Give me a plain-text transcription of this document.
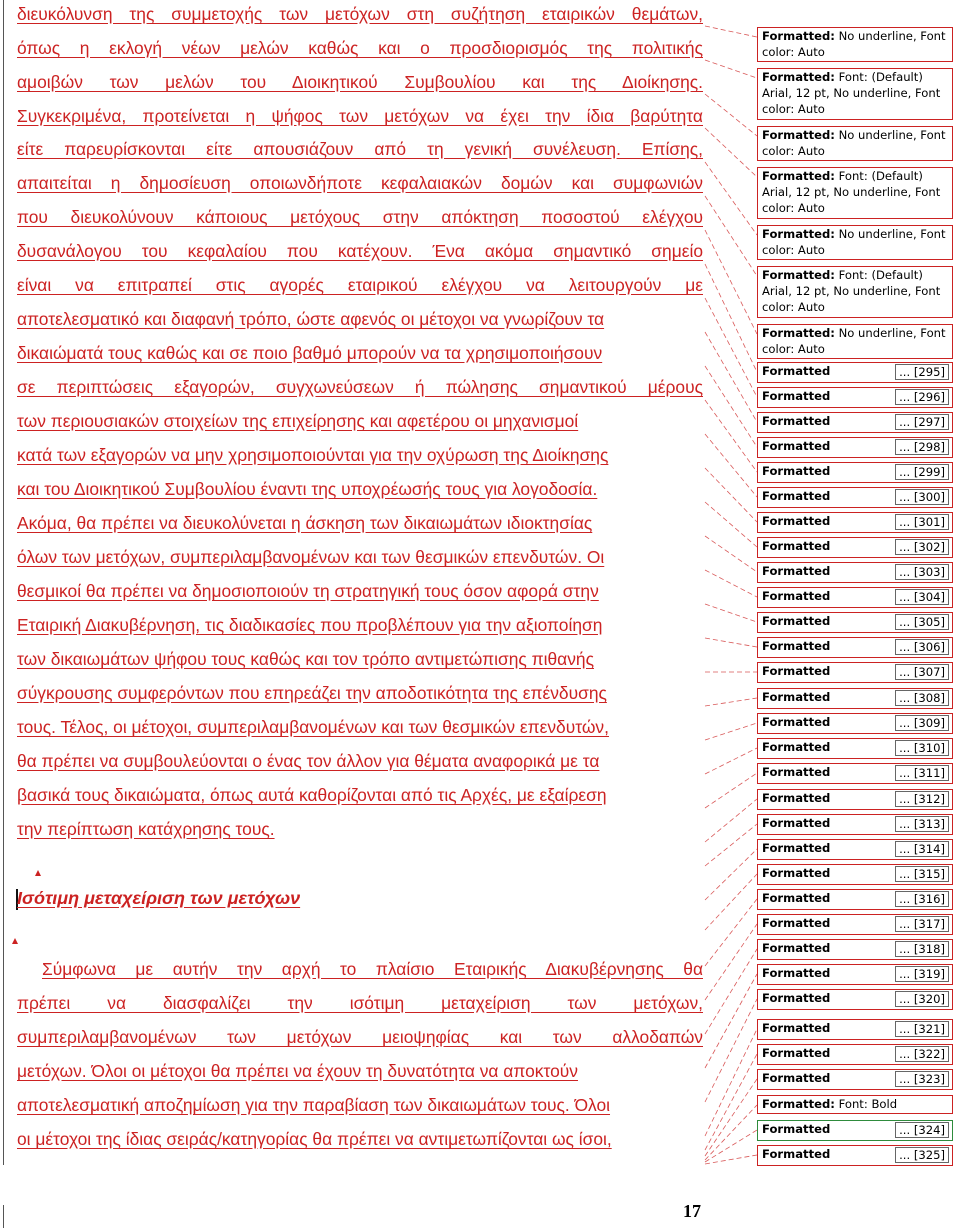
διευκόλυνση της συμμετοχής των μετόχων στη συζήτηση εταιρικών θεμάτων,
όπως η εκλογή νέων μελών καθώς και ο προσδιορισμός της πολιτικής
αμοιβών των μελών του Διοικητικού Συμβουλίου και της Διοίκησης.
Συγκεκριμένα, προτείνεται η ψήφος των μετόχων να έχει την ίδια βαρύτητα
είτε παρευρίσκονται είτε απουσιάζουν από τη γενική συνέλευση. Επίσης,
απαιτείται η δημοσίευση οποιωνδήποτε κεφαλαιακών δομών και συμφωνιών
που διευκολύνουν κάποιους μετόχους στην απόκτηση ποσοστού ελέγχου
δυσανάλογου του κεφαλαίου που κατέχουν. Ένα ακόμα σημαντικό σημείο
είναι να επιτραπεί στις αγορές εταιρικού ελέγχου να λειτουργούν με
αποτελεσματικό και διαφανή τρόπο, ώστε αφενός οι μέτοχοι να γνωρίζουν τα
δικαιώματά τους καθώς και σε ποιο βαθμό μπορούν να τα χρησιμοποιήσουν
σε περιπτώσεις εξαγορών, συγχωνεύσεων ή πώλησης σημαντικού μέρους
των περιουσιακών στοιχείων της επιχείρησης και αφετέρου οι μηχανισμοί
κατά των εξαγορών να μην χρησιμοποιούνται για την οχύρωση της Διοίκησης
και του Διοικητικού Συμβουλίου έναντι της υποχρέωσής τους για λογοδοσία.
Ακόμα, θα πρέπει να διευκολύνεται η άσκηση των δικαιωμάτων ιδιοκτησίας
όλων των μετόχων, συμπεριλαμβανομένων και των θεσμικών επενδυτών. Οι
θεσμικοί θα πρέπει να δημοσιοποιούν τη στρατηγική τους όσον αφορά στην
Εταιρική Διακυβέρνηση, τις διαδικασίες που προβλέπουν για την αξιοποίηση
των δικαιωμάτων ψήφου τους καθώς και τον τρόπο αντιμετώπισης πιθανής
σύγκρουσης συμφερόντων που επηρεάζει την αποδοτικότητα της επένδυσης
τους. Τέλος, οι μέτοχοι, συμπεριλαμβανομένων και των θεσμικών επενδυτών,
θα πρέπει να συμβουλεύονται ο ένας τον άλλον για θέματα αναφορικά με τα
βασικά τους δικαιώματα, όπως αυτά καθορίζονται από τις Αρχές, με εξαίρεση
την περίπτωση κατάχρησης τους.
Σύμφωνα με αυτήν την αρχή το πλαίσιο Εταιρικής Διακυβέρνησης θα
πρέπει να διασφαλίζει την ισότιμη μεταχείριση των μετόχων,
συμπεριλαμβανομένων των μετόχων μειοψηφίας και των αλλοδαπών
μετόχων. Όλοι οι μέτοχοι θα πρέπει να έχουν τη δυνατότητα να αποκτούν
αποτελεσματική αποζημίωση για την παραβίαση των δικαιωμάτων τους. Όλοι
οι μέτοχοι της ίδιας σειράς/κατηγορίας θα πρέπει να αντιμετωπίζονται ως ίσοι,
Ισότιμη μεταχείριση των μετόχων
Formatted: No underline, Font color: Auto
Formatted: Font: (Default) Arial, 12 pt, No underline, Font color: Auto
Formatted: No underline, Font color: Auto
Formatted: Font: (Default) Arial, 12 pt, No underline, Font color: Auto
Formatted: No underline, Font color: Auto
Formatted: Font: (Default) Arial, 12 pt, No underline, Font color: Auto
Formatted: No underline, Font color: Auto
Formatted	... [295]
Formatted	... [296]
Formatted	... [297]
Formatted	... [298]
Formatted	... [299]
Formatted	... [300]
Formatted	... [301]
Formatted	... [302]
Formatted	... [303]
Formatted	... [304]
Formatted	... [305]
Formatted	... [306]
Formatted	... [307]
Formatted	... [308]
Formatted	... [309]
Formatted	... [310]
Formatted	... [311]
Formatted	... [312]
Formatted	... [313]
Formatted	... [314]
Formatted	... [315]
Formatted	... [316]
Formatted	... [317]
Formatted	... [318]
Formatted	... [319]
Formatted	... [320]
Formatted	... [321]
Formatted	... [322]
Formatted	... [323]
Formatted: Font: Bold
Formatted	... [324]
Formatted	... [325]
17
